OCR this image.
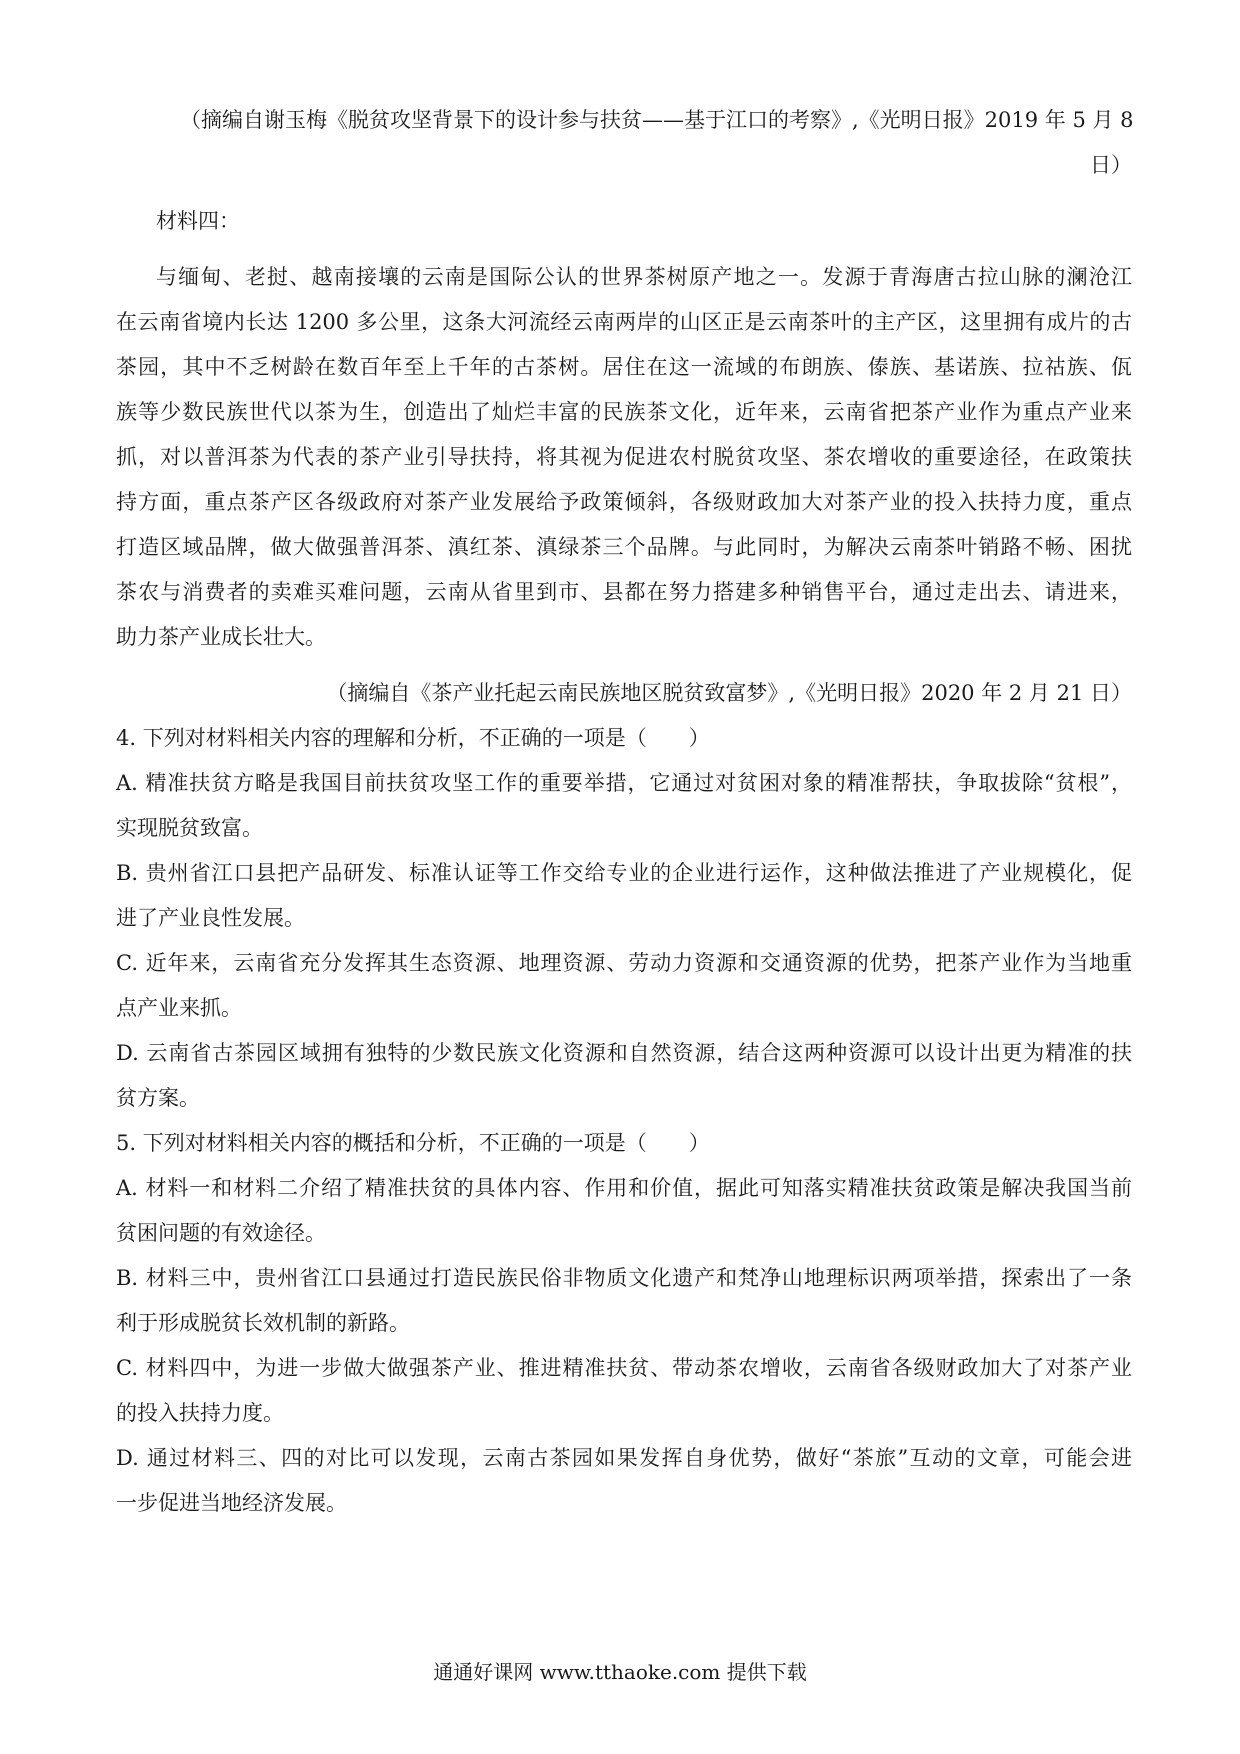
（摘编自谢玉梅《脱贫攻坚背景下的设计参与扶贫——基于江口的考察》,《光明日报》2019 年 5 月 8

日）

材料四：

与缅甸、老挝、越南接壤的云南是国际公认的世界茶树原产地之一。发源于青海唐古拉山脉的澜沧江

在云南省境内长达 1200 多公里，这条大河流经云南两岸的山区正是云南茶叶的主产区，这里拥有成片的古

茶园，其中不乏树龄在数百年至上千年的古茶树。居住在这一流域的布朗族、傣族、基诺族、拉祜族、佤

族等少数民族世代以茶为生，创造出了灿烂丰富的民族茶文化，近年来，云南省把茶产业作为重点产业来

抓，对以普洱茶为代表的茶产业引导扶持，将其视为促进农村脱贫攻坚、茶农增收的重要途径，在政策扶

持方面，重点茶产区各级政府对茶产业发展给予政策倾斜，各级财政加大对茶产业的投入扶持力度，重点

打造区域品牌，做大做强普洱茶、滇红茶、滇绿茶三个品牌。与此同时，为解决云南茶叶销路不畅、困扰

茶农与消费者的卖难买难问题，云南从省里到市、县都在努力搭建多种销售平台，通过走出去、请进来，

助力茶产业成长壮大。

（摘编自《茶产业托起云南民族地区脱贫致富梦》,《光明日报》2020 年 2 月 21 日）

4. 下列对材料相关内容的理解和分析，不正确的一项是（　　）

A. 精准扶贫方略是我国目前扶贫攻坚工作的重要举措，它通过对贫困对象的精准帮扶，争取拔除“贫根”，

实现脱贫致富。

B. 贵州省江口县把产品研发、标准认证等工作交给专业的企业进行运作，这种做法推进了产业规模化，促

进了产业良性发展。

C. 近年来，云南省充分发挥其生态资源、地理资源、劳动力资源和交通资源的优势，把茶产业作为当地重

点产业来抓。

D. 云南省古茶园区域拥有独特的少数民族文化资源和自然资源，结合这两种资源可以设计出更为精准的扶

贫方案。

5. 下列对材料相关内容的概括和分析，不正确的一项是（　　）

A. 材料一和材料二介绍了精准扶贫的具体内容、作用和价值，据此可知落实精准扶贫政策是解决我国当前

贫困问题的有效途径。

B. 材料三中，贵州省江口县通过打造民族民俗非物质文化遗产和梵净山地理标识两项举措，探索出了一条

利于形成脱贫长效机制的新路。

C. 材料四中，为进一步做大做强茶产业、推进精准扶贫、带动茶农增收，云南省各级财政加大了对茶产业

的投入扶持力度。

D. 通过材料三、四的对比可以发现，云南古茶园如果发挥自身优势，做好“茶旅”互动的文章，可能会进

一步促进当地经济发展。

通通好课网 www.tthaoke.com 提供下载
